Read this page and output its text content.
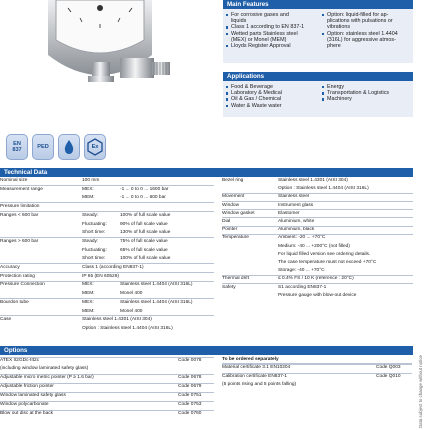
Main Features
For corrosive gases and
liquids
Class 1 according to EN 837-1
Wetted parts Stainless steel
(MEX) or Monel (MEM)
Lloyds Register Approval
Option: liquid-filled for ap-
plications with pulsations or
vibrations
Option: stainless steel 1.4404
(316L) for aggressive atmos-
phere
Applications
Food & Beverage
Laboratory & Medical
Oil & Gas / Chemical
Water & Waste water
Energy
Transportation & Logistics
Machinery
EN 837	PED	Ex
Technical Data
Nominal size	100 mm
Measurement range	MEX:	-1 ... 0 to 0 ... 1600 bar
MEM:	-1 ... 0 to 0 ... 600 bar
Pressure limitation
Ranges < 600 bar	Steady:	100% of full scale value
Fluctuating:	90% of full scale value
Short time:	130% of full scale value
Ranges > 600 bar	Steady:	75% of full scale value
Fluctuating:	65% of full scale value
Short time:	100% of full scale value
Accuracy	Class 1 (according EN837-1)
Protection rating	IP 65 (EN 60529)
Pressure Connection	MEX:	Stainless steel 1.4404 (AISI 316L)
MEM:	Monel 400
Bourdon tube	MEX:	Stainless steel 1.4404 (AISI 316L)
MEM:	Monel 400
Case	Stainless steel 1.4301 (AISI 304)
Option : Stainless steel 1.4404 (AISI 316L)
Bezel ring	Stainless steel 1.4301 (AISI 304)
Option : Stainless steel 1.4404 (AISI 316L)
Movement	Stainless steel
Window	Instrument glass
Window gasket	Elastomer
Dial	Aluminium, white
Pointer	Aluminium, black
Temperature	Ambient: -20 ... +70°C
Medium: -40 ... +200°C (not filled)
For liquid filled version see ordering details.
The case temperature must not exceed +70°C
Storage: -40 ... +70°C
Thermal drift	≤ 0.4% FS / 10 K (reference : 20°C)
Safety	S1 according EN837-1
Pressure gauge with blow-out device
Options
ATEX II2GDc-IIt2c	Code 0078
(including window laminated safety glass)
Adjustable micro metric pointer (P ≥ 1.6 bar)	Code 0678
Adjustable friction pointer	Code 0679
Window laminated safety glass	Code 0751
Window polycarbonate	Code 0753
Blow out disc at the back	Code 0760
To be ordered separately
Material certificate 3.1 EN10204	Code Q003
Calibration certificate EN837-1	Code Q010
(5 points rising and 5 points falling)	Data subject to change without notice
